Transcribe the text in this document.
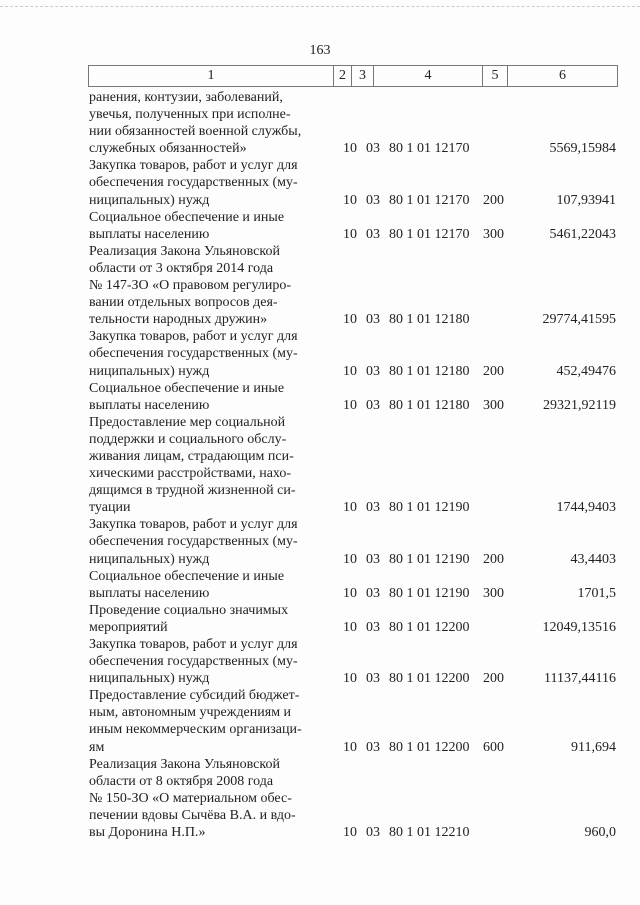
163
1	2 3	4	5	6
ранения, контузии, заболеваний,
увечья, полученных при исполне-
нии обязанностей военной службы,
служебных обязанностей»	10 03 80 1 01 12170	5569,15984
Закупка товаров, работ и услуг для
обеспечения государственных (му-
ниципальных) нужд	10 03 80 1 01 12170 200	107,93941
Социальное обеспечение и иные
выплаты населению	10 03 80 1 01 12170 300	5461,22043
Реализация Закона Ульяновской
области от 3 октября 2014 года
№ 147-ЗО «О правовом регулиро-
вании отдельных вопросов дея-
тельности народных дружин»	10 03 80 1 01 12180	29774,41595
Закупка товаров, работ и услуг для
обеспечения государственных (му-
ниципальных) нужд	10 03 80 1 01 12180 200	452,49476
Социальное обеспечение и иные
выплаты населению	10 03 80 1 01 12180 300	29321,92119
Предоставление мер социальной
поддержки и социального обслу-
живания лицам, страдающим пси-
хическими расстройствами, нахо-
дящимся в трудной жизненной си-
туации	10 03 80 1 01 12190	1744,9403
Закупка товаров, работ и услуг для
обеспечения государственных (му-
ниципальных) нужд	10 03 80 1 01 12190 200	43,4403
Социальное обеспечение и иные
выплаты населению	10 03 80 1 01 12190 300	1701,5
Проведение социально значимых
мероприятий	10 03 80 1 01 12200	12049,13516
Закупка товаров, работ и услуг для
обеспечения государственных (му-
ниципальных) нужд	10 03 80 1 01 12200 200	11137,44116
Предоставление субсидий бюджет-
ным, автономным учреждениям и
иным некоммерческим организаци-
ям	10 03 80 1 01 12200 600	911,694
Реализация Закона Ульяновской
области от 8 октября 2008 года
№ 150-ЗО «О материальном обес-
печении вдовы Сычёва В.А. и вдо-
вы Доронина Н.П.»	10 03 80 1 01 12210	960,0
